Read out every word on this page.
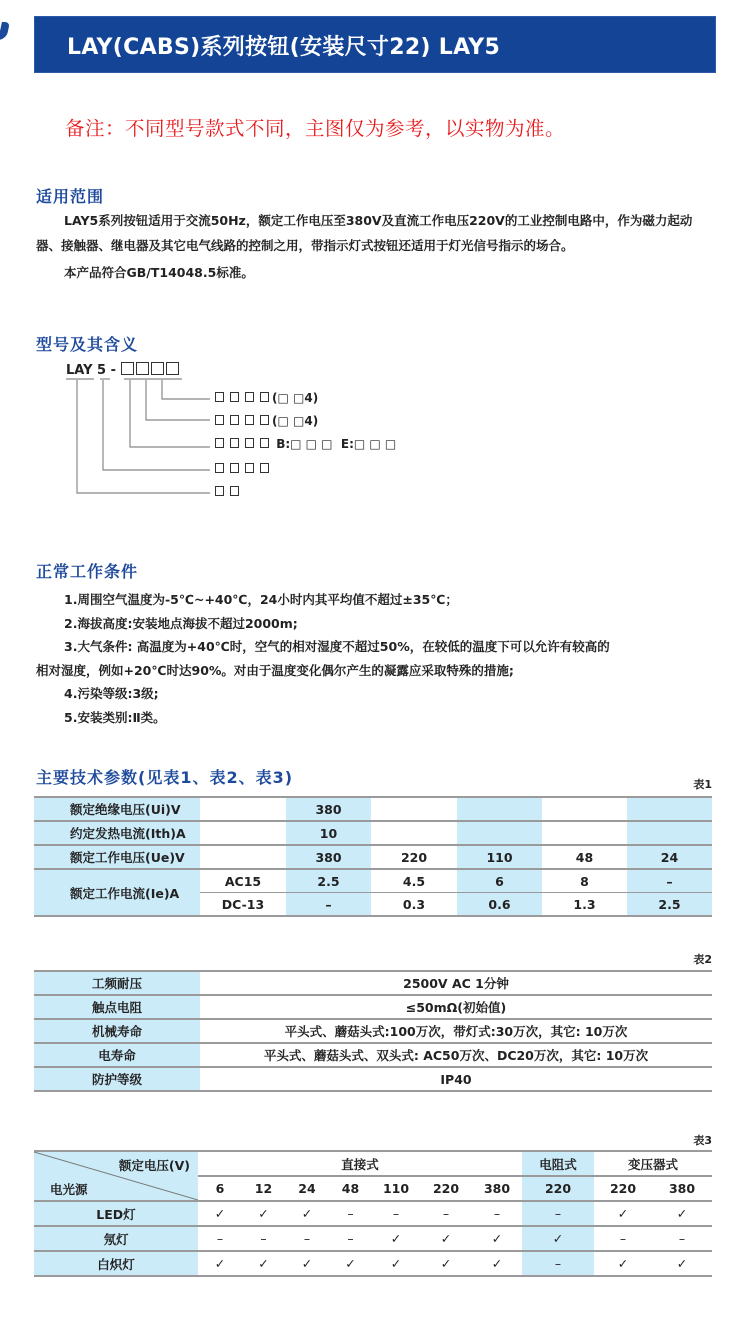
LAY(CABS)系列按钮(安装尺寸22) LAY5
备注：不同型号款式不同，主图仅为参考，以实物为准。
适用范围

LAY5系列按钮适用于交流50Hz，额定工作电压至380V及直流工作电压220V的工业控制电路中，作为磁力起动器、接触器、继电器及其它电气线路的控制之用，带指示灯式按钮还适用于灯光信号指示的场合。

本产品符合GB/T14048.5标准。

型号及其含义
LAY 5 -
(□ □4)
(□ □4)
B:□ □ □ E:□ □ □
正常工作条件

1.周围空气温度为-5℃~+40℃，24小时内其平均值不超过±35℃；

2.海拔高度:安装地点海拔不超过2000m;

3.大气条件: 高温度为+40℃时，空气的相对湿度不超过50%，在较低的温度下可以允许有较高的

相对湿度，例如+20℃时达90%。对由于温度变化偶尔产生的凝露应采取特殊的措施;

4.污染等级:3级;

5.安装类别:Ⅱ类。

主要技术参数(见表1、表2、表3)	表1
额定绝缘电压(Ui)V		380				
约定发热电流(Ith)A		10				
额定工作电压(Ue)V		380	220	110	48	24
额定工作电流(Ie)A	AC15	2.5	4.5	6	8	–
	DC-13	–	0.3	0.6	1.3	2.5
表2
工频耐压	2500V AC 1分钟
触点电阻	≤50mΩ(初始值)
机械寿命	平头式、蘑菇头式:100万次，带灯式:30万次，其它: 10万次
电寿命	平头式、蘑菇头式、双头式: AC50万次、DC20万次，其它: 10万次
防护等级	IP40
表3
额定电压(V)
电光源	直接式							电阻式	变压器式	
	6	12	24	48	110	220	380	220	220	380
LED灯	✓	✓	✓	–	–	–	–	–	✓	✓
氖灯	–	–	–	–	✓	✓	✓	✓	–	–
白炽灯	✓	✓	✓	✓	✓	✓	✓	–	✓	✓
